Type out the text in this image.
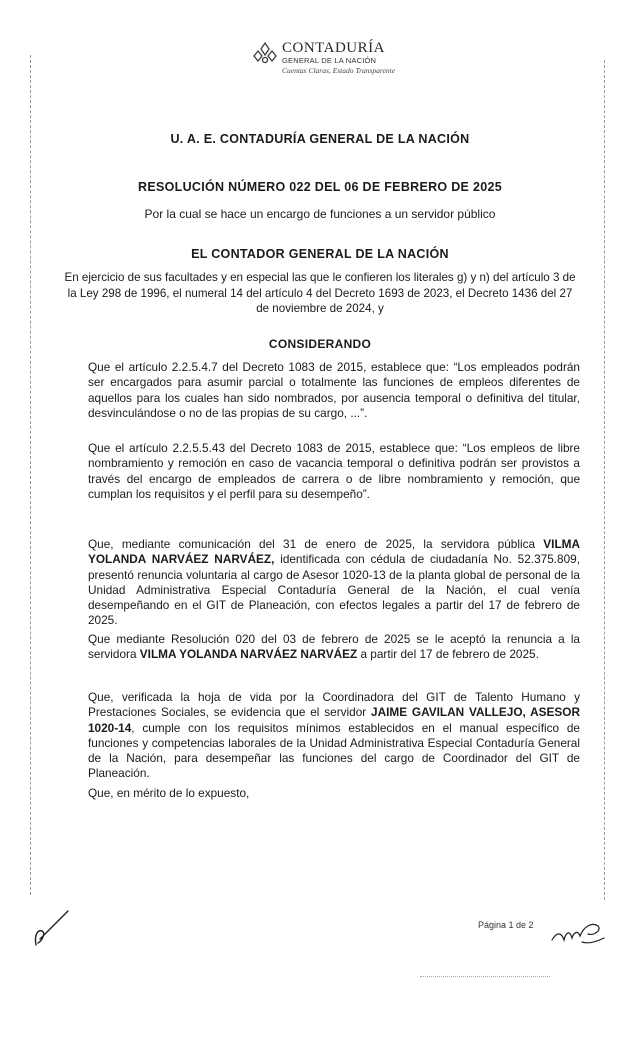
CONTADURÍA
GENERAL DE LA NACIÓN
Cuentas Claras, Estado Transparente
U. A. E. CONTADURÍA GENERAL DE LA NACIÓN
RESOLUCIÓN NÚMERO 022 DEL 06 DE FEBRERO DE 2025
Por la cual se hace un encargo de funciones a un servidor público
EL CONTADOR GENERAL DE LA NACIÓN
En ejercicio de sus facultades y en especial las que le confieren los literales g) y n) del artículo 3 de la Ley 298 de 1996, el numeral 14 del artículo 4 del Decreto 1693 de 2023, el Decreto 1436 del 27 de noviembre de 2024, y
CONSIDERANDO
Que el artículo 2.2.5.4.7 del Decreto 1083 de 2015, establece que: “Los empleados podrán ser encargados para asumir parcial o totalmente las funciones de empleos diferentes de aquellos para los cuales han sido nombrados, por ausencia temporal o definitiva del titular, desvinculándose o no de las propias de su cargo, ...”.
Que el artículo 2.2.5.5.43 del Decreto 1083 de 2015, establece que: “Los empleos de libre nombramiento y remoción en caso de vacancia temporal o definitiva podrán ser provistos a través del encargo de empleados de carrera o de libre nombramiento y remoción, que cumplan los requisitos y el perfil para su desempeño”.
Que, mediante comunicación del 31 de enero de 2025, la servidora pública VILMA YOLANDA NARVÁEZ NARVÁEZ, identificada con cédula de ciudadanía No. 52.375.809, presentó renuncia voluntaria al cargo de Asesor 1020-13 de la planta global de personal de la Unidad Administrativa Especial Contaduría General de la Nación, el cual venía desempeñando en el GIT de Planeación, con efectos legales a partir del 17 de febrero de 2025.
Que mediante Resolución 020 del 03 de febrero de 2025 se le aceptó la renuncia a la servidora VILMA YOLANDA NARVÁEZ NARVÁEZ a partir del 17 de febrero de 2025.
Que, verificada la hoja de vida por la Coordinadora del GIT de Talento Humano y Prestaciones Sociales, se evidencia que el servidor JAIME GAVILAN VALLEJO, ASESOR 1020-14, cumple con los requisitos mínimos establecidos en el manual específico de funciones y competencias laborales de la Unidad Administrativa Especial Contaduría General de la Nación, para desempeñar las funciones del cargo de Coordinador del GIT de Planeación.
Que, en mérito de lo expuesto,
Página 1 de 2
